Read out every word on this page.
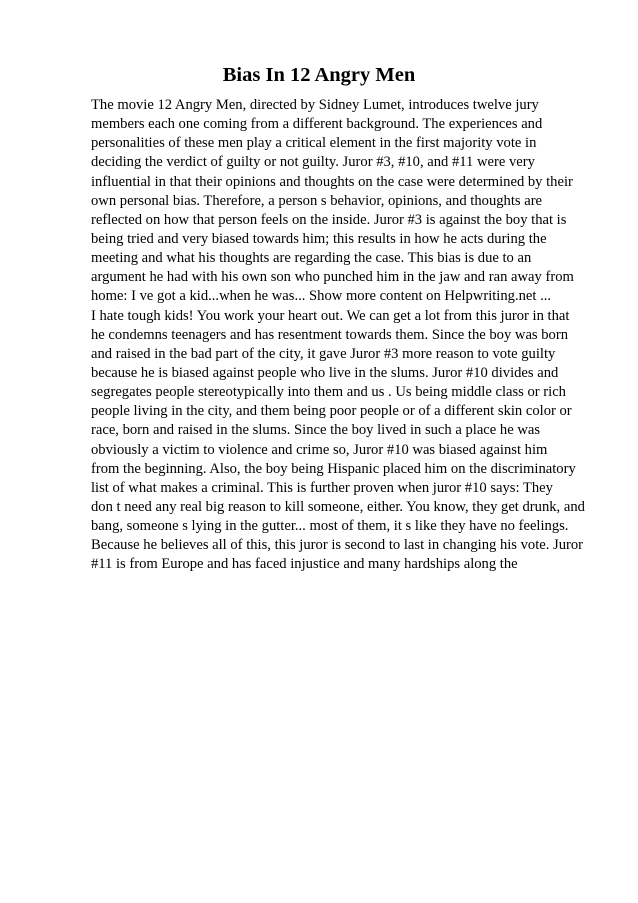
Bias In 12 Angry Men
The movie 12 Angry Men, directed by Sidney Lumet, introduces twelve jury
members each one coming from a different background. The experiences and
personalities of these men play a critical element in the first majority vote in
deciding the verdict of guilty or not guilty. Juror #3, #10, and #11 were very
influential in that their opinions and thoughts on the case were determined by their
own personal bias. Therefore, a person s behavior, opinions, and thoughts are
reflected on how that person feels on the inside. Juror #3 is against the boy that is
being tried and very biased towards him; this results in how he acts during the
meeting and what his thoughts are regarding the case. This bias is due to an
argument he had with his own son who punched him in the jaw and ran away from
home: I ve got a kid...when he was... Show more content on Helpwriting.net ...
I hate tough kids! You work your heart out. We can get a lot from this juror in that
he condemns teenagers and has resentment towards them. Since the boy was born
and raised in the bad part of the city, it gave Juror #3 more reason to vote guilty
because he is biased against people who live in the slums. Juror #10 divides and
segregates people stereotypically into them and us . Us being middle class or rich
people living in the city, and them being poor people or of a different skin color or
race, born and raised in the slums. Since the boy lived in such a place he was
obviously a victim to violence and crime so, Juror #10 was biased against him
from the beginning. Also, the boy being Hispanic placed him on the discriminatory
list of what makes a criminal. This is further proven when juror #10 says: They
don t need any real big reason to kill someone, either. You know, they get drunk, and
bang, someone s lying in the gutter... most of them, it s like they have no feelings.
Because he believes all of this, this juror is second to last in changing his vote. Juror
#11 is from Europe and has faced injustice and many hardships along the
